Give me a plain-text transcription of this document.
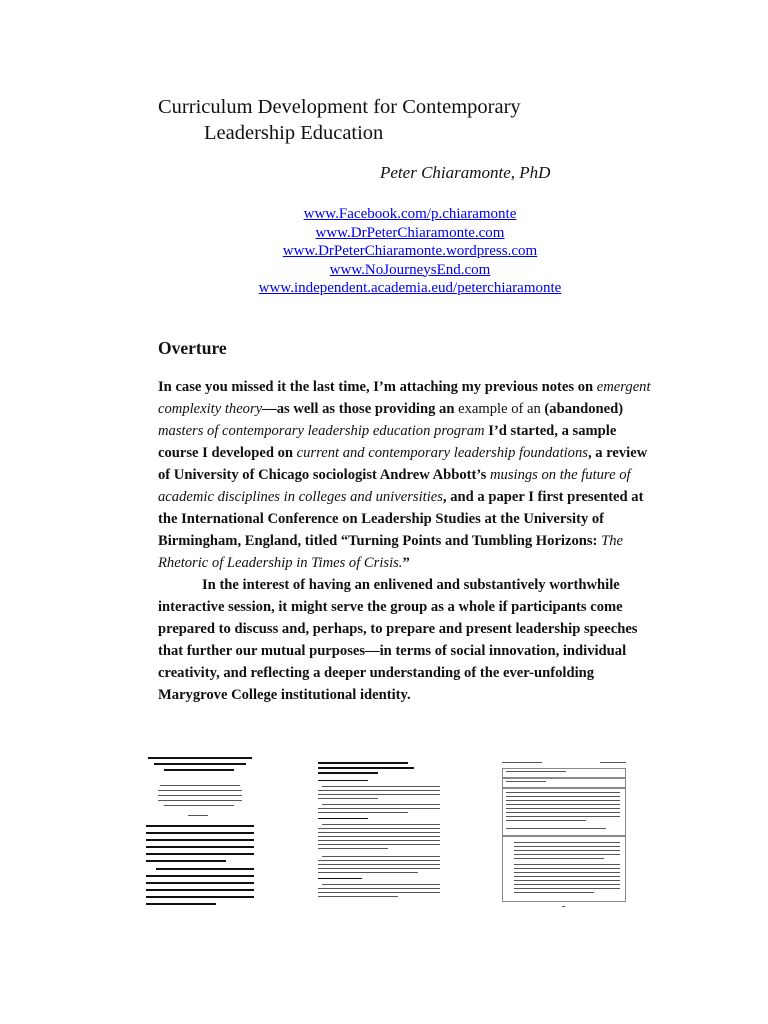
Curriculum Development for Contemporary
Leadership Education
Peter Chiaramonte, PhD
www.Facebook.com/p.chiaramonte
www.DrPeterChiaramonte.com
www.DrPeterChiaramonte.wordpress.com
www.NoJourneysEnd.com
www.independent.academia.eud/peterchiaramonte
Overture

In case you missed it the last time, I’m attaching my previous notes on emergent complexity theory—as well as those providing an example of an (abandoned) masters of contemporary leadership education program I’d started, a sample course I developed on current and contemporary leadership foundations, a review of University of Chicago sociologist Andrew Abbott’s musings on the future of academic disciplines in colleges and universities, and a paper I first presented at the International Conference on Leadership Studies at the University of Birmingham, England, titled “Turning Points and Tumbling Horizons: The Rhetoric of Leadership in Times of Crisis.”

In the interest of having an enlivened and substantively worthwhile interactive session, it might serve the group as a whole if participants come prepared to discuss and, perhaps, to prepare and present leadership speeches that further our mutual purposes—in terms of social innovation, individual creativity, and reflecting a deeper understanding of the ever-unfolding Marygrove College institutional identity.
